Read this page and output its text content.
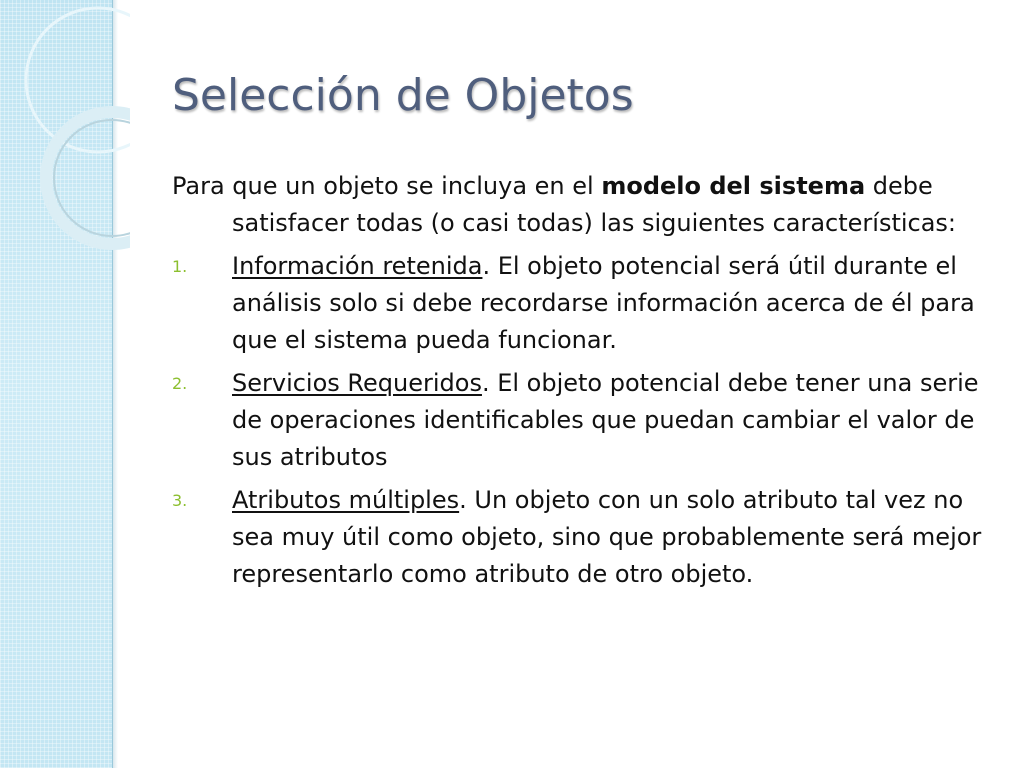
Selección de Objetos

Para que un objeto se incluya en el modelo del sistema debe satisfacer todas (o casi todas) las siguientes características:

1. Información retenida. El objeto potencial será útil durante el análisis solo si debe recordarse información acerca de él para que el sistema pueda funcionar.
2. Servicios Requeridos. El objeto potencial debe tener una serie de operaciones identificables que puedan cambiar el valor de sus atributos
3. Atributos múltiples. Un objeto con un solo atributo tal vez no sea muy útil como objeto, sino que probablemente será mejor representarlo como atributo de otro objeto.
